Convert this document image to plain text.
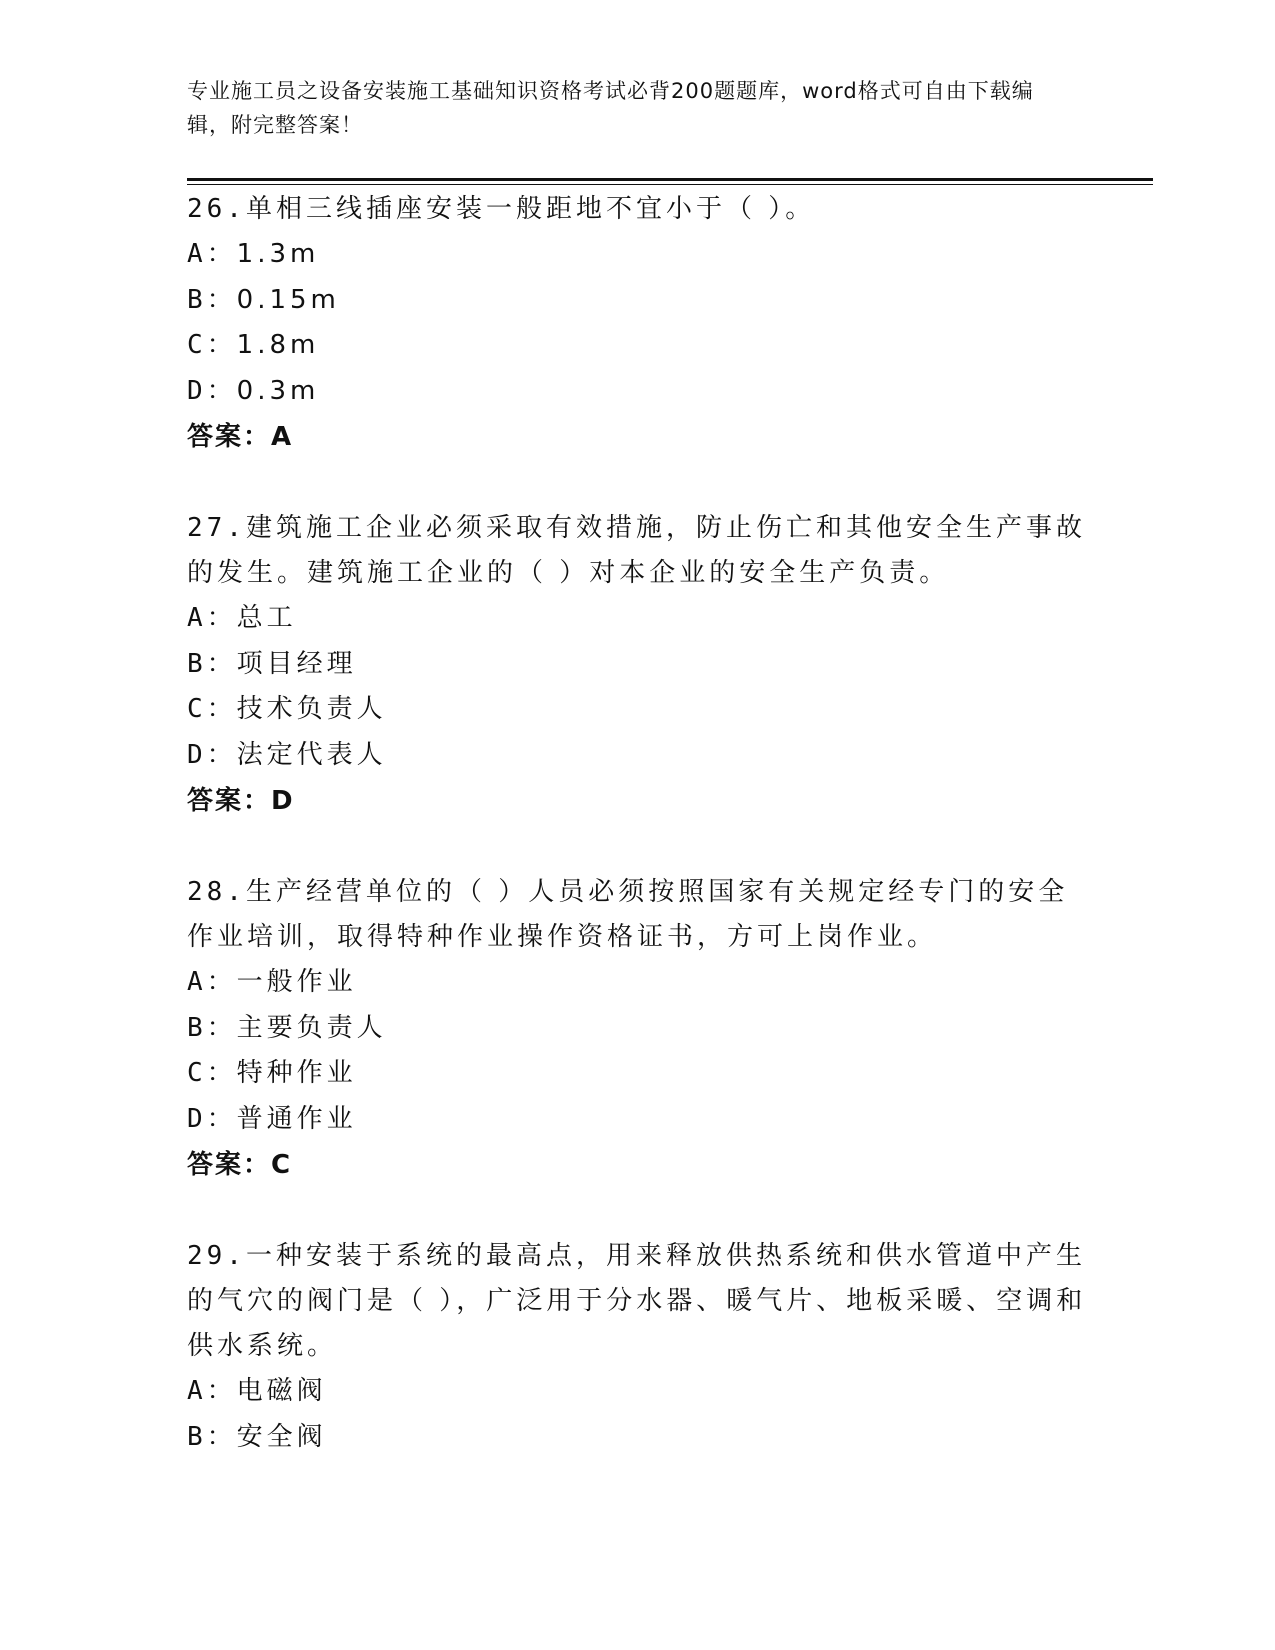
专业施工员之设备安装施工基础知识资格考试必背200题题库，word格式可自由下载编辑，附完整答案！
26.单相三线插座安装一般距地不宜小于（ ）。
A：1.3m
B：0.15m
C：1.8m
D：0.3m
答案：A
27.建筑施工企业必须采取有效措施，防止伤亡和其他安全生产事故的发生。建筑施工企业的（ ）对本企业的安全生产负责。
A：总工
B：项目经理
C：技术负责人
D：法定代表人
答案：D
28.生产经营单位的（ ）人员必须按照国家有关规定经专门的安全作业培训，取得特种作业操作资格证书，方可上岗作业。
A：一般作业
B：主要负责人
C：特种作业
D：普通作业
答案：C
29.一种安装于系统的最高点，用来释放供热系统和供水管道中产生的气穴的阀门是（ ），广泛用于分水器、暖气片、地板采暖、空调和供水系统。
A：电磁阀
B：安全阀
